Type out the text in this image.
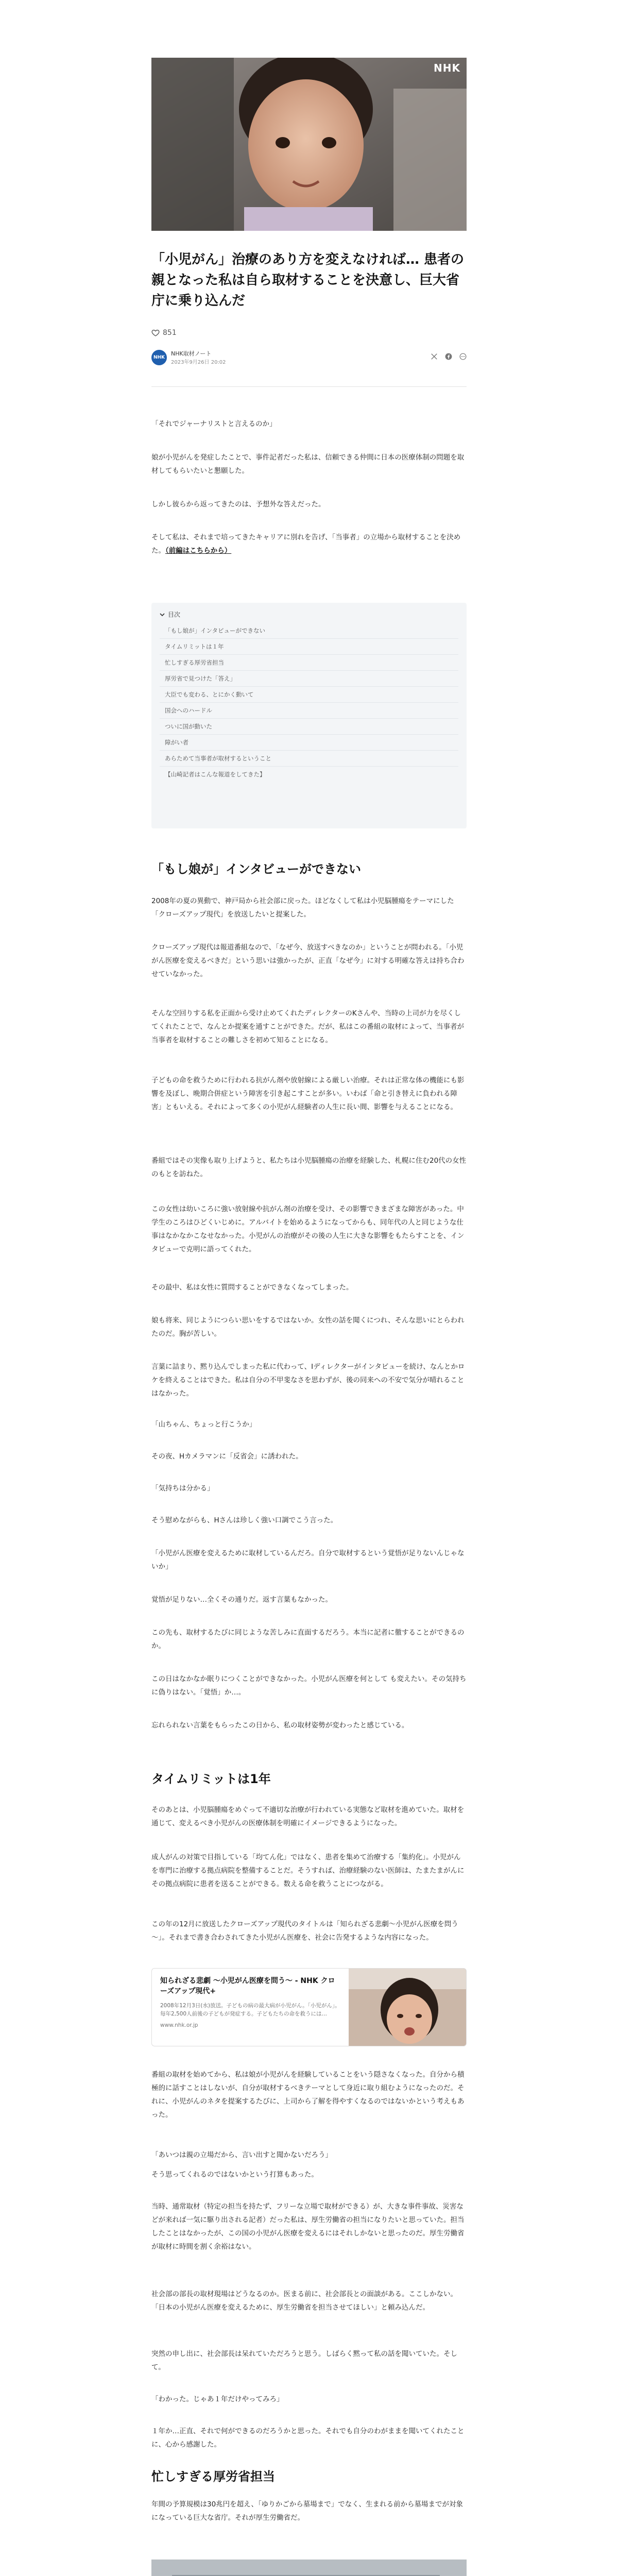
NHK
「小児がん」治療のあり方を変えなければ… 患者の親となった私は自ら取材することを決意し、巨大省庁に乗り込んだ
851
NHK
NHK取材ノート
2023年9月26日 20:02

「それでジャーナリストと言えるのか」

娘が小児がんを発症したことで、事件記者だった私は、信頼できる仲間に日本の医療体制の問題を取材してもらいたいと懇願した。

しかし彼らから返ってきたのは、予想外な答えだった。

そして私は、それまで培ってきたキャリアに別れを告げ、「当事者」の立場から取材することを決めた。（前編はこちらから）

目次
「もし娘が」インタビューができない
タイムリミットは１年
忙しすぎる厚労省担当
厚労省で見つけた「答え」
大臣でも変わる、とにかく動いて
国会へのハードル
ついに国が動いた
障がい者
あらためて当事者が取材するということ
【山崎記者はこんな報道をしてきた】
「もし娘が」インタビューができない

2008年の夏の異動で、神戸局から社会部に戻った。ほどなくして私は小児脳腫瘍をテーマにした「クローズアップ現代」を放送したいと提案した。

クローズアップ現代は報道番組なので、「なぜ今、放送すべきなのか」ということが問われる。「小児がん医療を変えるべきだ」という思いは強かったが、正直「なぜ今」に対する明確な答えは持ち合わせていなかった。

そんな空回りする私を正面から受け止めてくれたディレクターのKさんや、当時の上司が力を尽くしてくれたことで、なんとか提案を通すことができた。だが、私はこの番組の取材によって、当事者が当事者を取材することの難しさを初めて知ることになる。

子どもの命を救うために行われる抗がん剤や放射線による厳しい治療。それは正常な体の機能にも影響を及ぼし、晩期合併症という障害を引き起こすことが多い。いわば「命と引き替えに負われる障害」ともいえる。それによって多くの小児がん経験者の人生に長い間、影響を与えることになる。

番組ではその実像も取り上げようと、私たちは小児脳腫瘍の治療を経験した、札幌に住む20代の女性のもとを訪ねた。

この女性は幼いころに強い放射線や抗がん剤の治療を受け、その影響できまざまな障害があった。中学生のころはひどくいじめに。アルバイトを始めるようになってからも、同年代の人と同じような仕事はなかなかこなせなかった。小児がんの治療がその後の人生に大きな影響をもたらすことを、インタビューで克明に語ってくれた。

その最中、私は女性に質問することができなくなってしまった。

娘も将来、同じようにつらい思いをするではないか。女性の話を聞くにつれ、そんな思いにとらわれたのだ。胸が苦しい。

言葉に詰まり、黙り込んでしまった私に代わって、Iディレクターがインタビューを続け、なんとかロケを終えることはできた。私は自分の不甲斐なさを思わずが、後の同来への不安で気分が晴れることはなかった。

「山ちゃん、ちょっと行こうか」

その夜、Hカメラマンに「反省会」に誘われた。

「気持ちは分かる」

そう慰めながらも、Hさんは珍しく強い口調でこう言った。

「小児がん医療を変えるために取材しているんだろ。自分で取材するという覚悟が足りないんじゃないか」

覚悟が足りない…全くその通りだ。返す言葉もなかった。

この先も、取材するたびに同じような苦しみに直面するだろう。本当に記者に徹することができるのか。

この日はなかなか眠りにつくことができなかった。小児がん医療を何として も変えたい。その気持ちに偽りはない。「覚悟」か…。

忘れられない言葉をもらったこの日から、私の取材姿勢が変わったと感じている。

タイムリミットは1年

そのあとは、小児脳腫瘍をめぐって不適切な治療が行われている実態など取材を進めていた。取材を通じて、変えるべき小児がんの医療体制を明確にイメージできるようになった。

成人がんの対策で目指している「均てん化」ではなく、患者を集めて治療する「集約化」。小児がんを専門に治療する拠点病院を整備することだ。そうすれば、治療経験のない医師は、たまたまがんにその拠点病院に患者を送ることができる。数える命を救うことにつながる。

この年の12月に放送したクローズアップ現代のタイトルは「知られざる悲劇～小児がん医療を問う～」。それまで書き合わされてきた小児がん医療を、社会に告発するような内容になった。

知られざる悲劇 ～小児がん医療を問う～ - NHK クローズアップ現代+
2008年12月3日(水)放送。子どもの病の最大病が小児がん。「小児がん」。毎年2,500人前後の子どもが発症する。子どもたちの命を救うには…
www.nhk.or.jp

番組の取材を始めてから、私は娘が小児がんを経験していることをいう隠さなくなった。自分から積極的に話すことはしないが、自分が取材するべきテーマとして身近に取り組むようになったのだ。それに、小児がんのネタを提案するたびに、上司から了解を得やすくなるのではないかという考えもあった。

「あいつは親の立場だから、言い出すと聞かないだろう」

そう思ってくれるのではないかという打算もあった。

当時、通常取材（特定の担当を持たず、フリーな立場で取材ができる）が、大きな事件事故、災害などが来れば一気に駆り出される記者）だった私は、厚生労働省の担当になりたいと思っていた。担当したことはなかったが、この国の小児がん医療を変えるにはそれしかないと思ったのだ。厚生労働省が取材に時間を割く余裕はない。

社会部の部長の取材現場はどうなるのか。医まる前に、社会部長との面談がある。ここしかない。「日本の小児がん医療を変えるために、厚生労働省を担当させてほしい」と頼み込んだ。

突然の申し出に、社会部長は呆れていただろうと思う。しばらく黙って私の話を聞いていた。そして。

「わかった。じゃあ１年だけやってみろ」

１年か…正直、それで何ができるのだろうかと思った。それでも自分のわがままを聞いてくれたことに、心から感謝した。

忙しすぎる厚労省担当

年間の予算規模は30兆円を超え、「ゆりかごから墓場まで」でなく、生まれる前から墓場までが対象になっている巨大な省庁。それが厚生労働省だ。
